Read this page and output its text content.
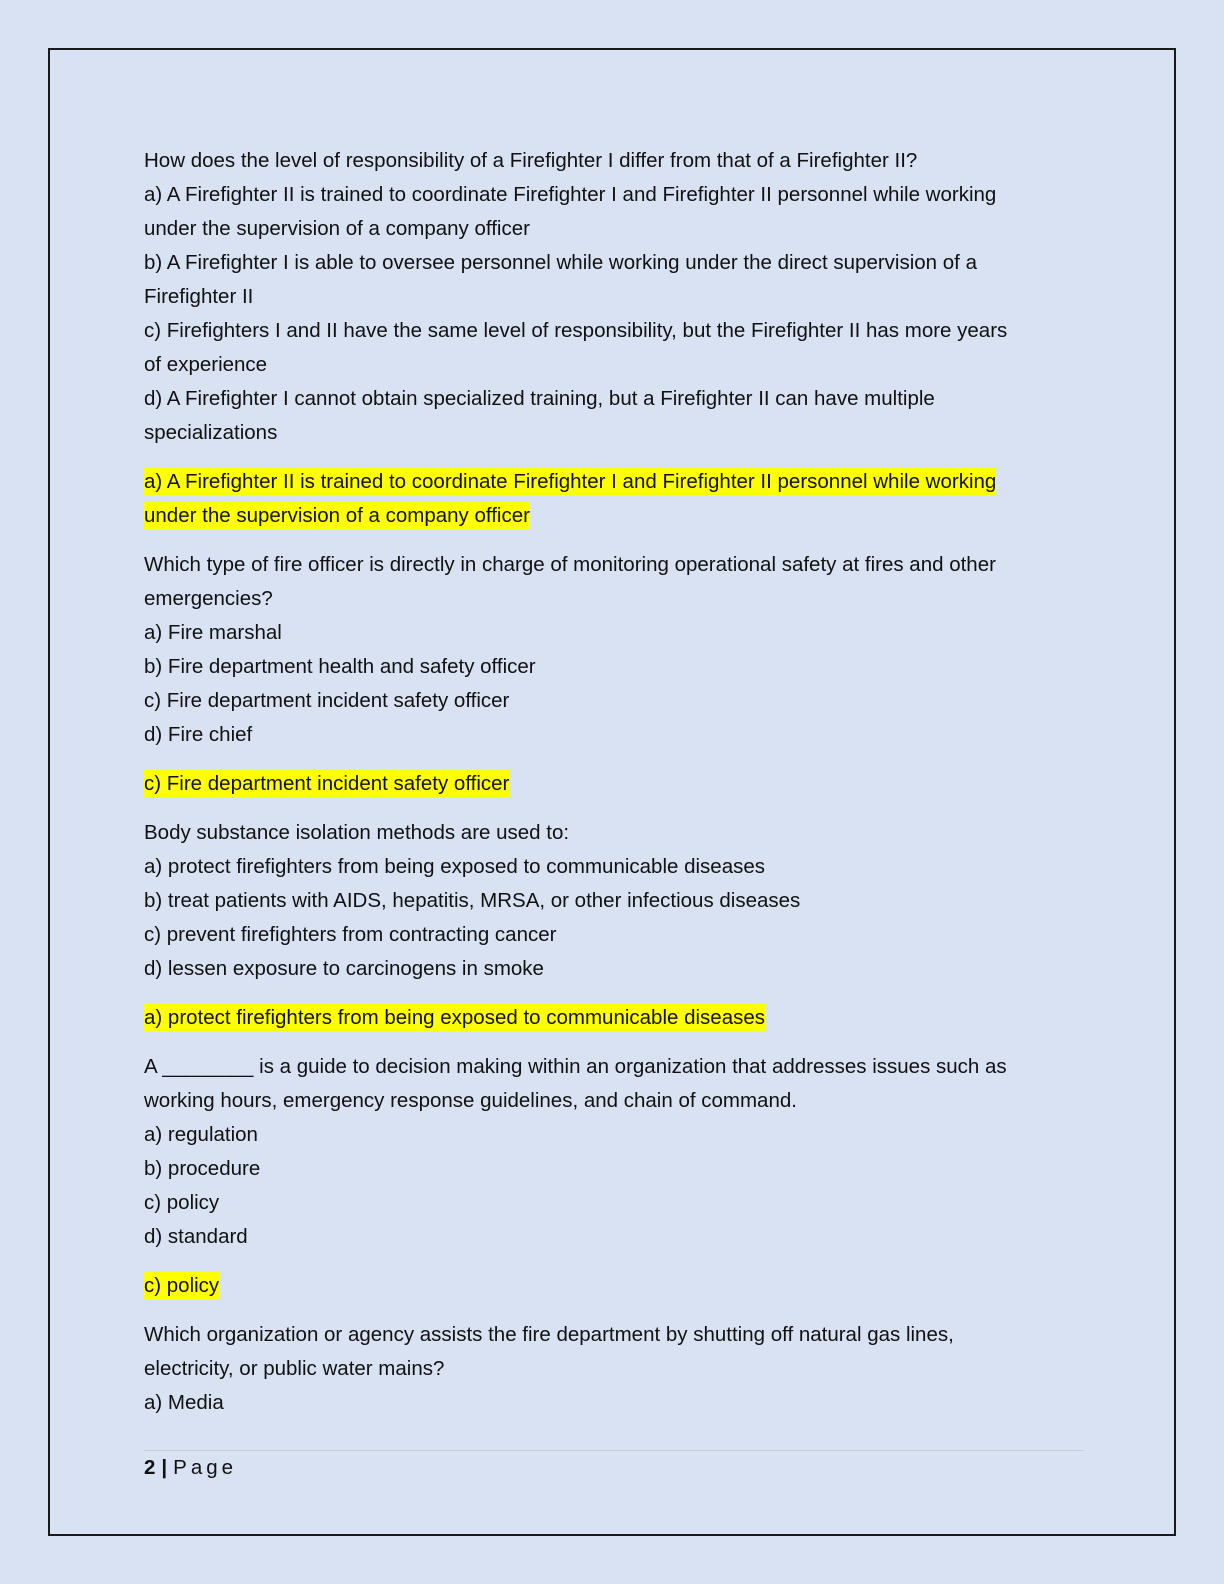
How does the level of responsibility of a Firefighter I differ from that of a Firefighter II?
a) A Firefighter II is trained to coordinate Firefighter I and Firefighter II personnel while working
under the supervision of a company officer
b) A Firefighter I is able to oversee personnel while working under the direct supervision of a
Firefighter II
c) Firefighters I and II have the same level of responsibility, but the Firefighter II has more years
of experience
d) A Firefighter I cannot obtain specialized training, but a Firefighter II can have multiple
specializations
a) A Firefighter II is trained to coordinate Firefighter I and Firefighter II personnel while working
under the supervision of a company officer
Which type of fire officer is directly in charge of monitoring operational safety at fires and other
emergencies?
a) Fire marshal
b) Fire department health and safety officer
c) Fire department incident safety officer
d) Fire chief
c) Fire department incident safety officer
Body substance isolation methods are used to:
a) protect firefighters from being exposed to communicable diseases
b) treat patients with AIDS, hepatitis, MRSA, or other infectious diseases
c) prevent firefighters from contracting cancer
d) lessen exposure to carcinogens in smoke
a) protect firefighters from being exposed to communicable diseases
A ________ is a guide to decision making within an organization that addresses issues such as
working hours, emergency response guidelines, and chain of command.
a) regulation
b) procedure
c) policy
d) standard
c) policy
Which organization or agency assists the fire department by shutting off natural gas lines,
electricity, or public water mains?
a) Media
2 | Page
